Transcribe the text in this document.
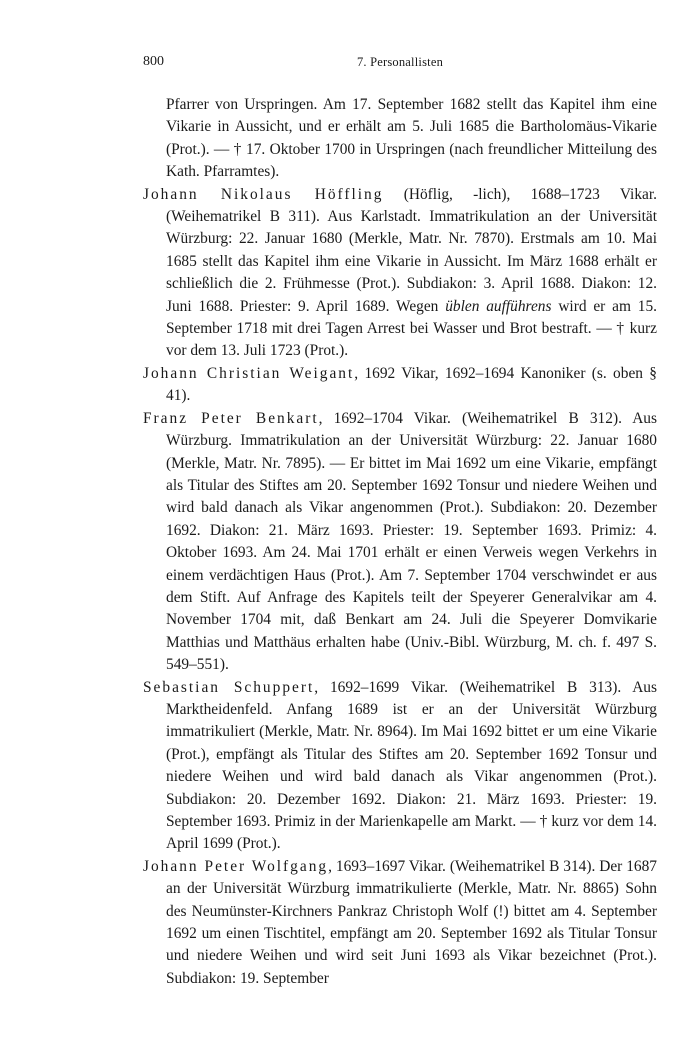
800	7. Personallisten

Pfarrer von Urspringen. Am 17. September 1682 stellt das Kapitel ihm eine Vikarie in Aussicht, und er erhält am 5. Juli 1685 die Bartholomäus-Vikarie (Prot.). — † 17. Oktober 1700 in Urspringen (nach freundlicher Mitteilung des Kath. Pfarramtes).

Johann Nikolaus Höffling (Höflig, -lich), 1688–1723 Vikar. (Weihematrikel B 311). Aus Karlstadt. Immatrikulation an der Universität Würzburg: 22. Januar 1680 (Merkle, Matr. Nr. 7870). Erstmals am 10. Mai 1685 stellt das Kapitel ihm eine Vikarie in Aussicht. Im März 1688 erhält er schließlich die 2. Frühmesse (Prot.). Subdiakon: 3. April 1688. Diakon: 12. Juni 1688. Priester: 9. April 1689. Wegen üblen aufführens wird er am 15. September 1718 mit drei Tagen Arrest bei Wasser und Brot bestraft. — † kurz vor dem 13. Juli 1723 (Prot.).

Johann Christian Weigant, 1692 Vikar, 1692–1694 Kanoniker (s. oben § 41).

Franz Peter Benkart, 1692–1704 Vikar. (Weihematrikel B 312). Aus Würzburg. Immatrikulation an der Universität Würzburg: 22. Januar 1680 (Merkle, Matr. Nr. 7895). — Er bittet im Mai 1692 um eine Vikarie, empfängt als Titular des Stiftes am 20. September 1692 Tonsur und niedere Weihen und wird bald danach als Vikar angenommen (Prot.). Subdiakon: 20. Dezember 1692. Diakon: 21. März 1693. Priester: 19. September 1693. Primiz: 4. Oktober 1693. Am 24. Mai 1701 erhält er einen Verweis wegen Verkehrs in einem verdächtigen Haus (Prot.). Am 7. September 1704 verschwindet er aus dem Stift. Auf Anfrage des Kapitels teilt der Speyerer Generalvikar am 4. November 1704 mit, daß Benkart am 24. Juli die Speyerer Domvikarie Matthias und Matthäus erhalten habe (Univ.-Bibl. Würzburg, M. ch. f. 497 S. 549–551).

Sebastian Schuppert, 1692–1699 Vikar. (Weihematrikel B 313). Aus Marktheidenfeld. Anfang 1689 ist er an der Universität Würzburg immatrikuliert (Merkle, Matr. Nr. 8964). Im Mai 1692 bittet er um eine Vikarie (Prot.), empfängt als Titular des Stiftes am 20. September 1692 Tonsur und niedere Weihen und wird bald danach als Vikar angenommen (Prot.). Subdiakon: 20. Dezember 1692. Diakon: 21. März 1693. Priester: 19. September 1693. Primiz in der Marienkapelle am Markt. — † kurz vor dem 14. April 1699 (Prot.).

Johann Peter Wolfgang, 1693–1697 Vikar. (Weihematrikel B 314). Der 1687 an der Universität Würzburg immatrikulierte (Merkle, Matr. Nr. 8865) Sohn des Neumünster-Kirchners Pankraz Christoph Wolf (!) bittet am 4. September 1692 um einen Tischtitel, empfängt am 20. September 1692 als Titular Tonsur und niedere Weihen und wird seit Juni 1693 als Vikar bezeichnet (Prot.). Subdiakon: 19. September
